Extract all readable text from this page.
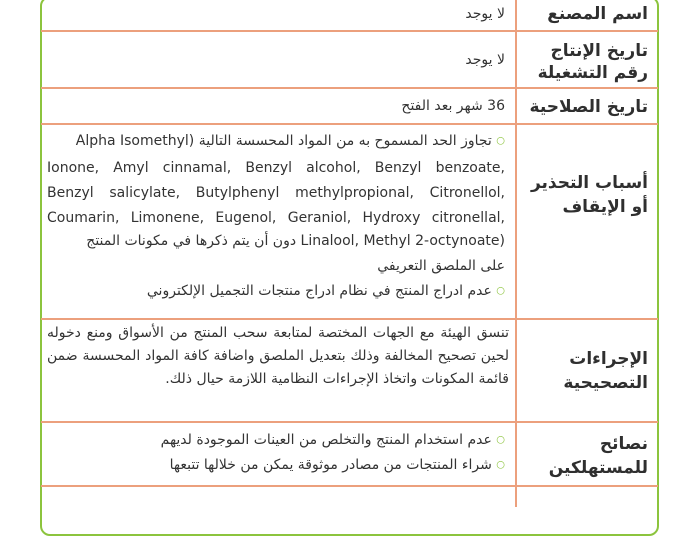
اسم المصنع
لا يوجد
تاريخ الإنتاج
رقم التشغيلة
لا يوجد
تاريخ الصلاحية
36 شهر بعد الفتح
أسباب التحذير
أو الإيقاف
○ تجاوز الحد المسموح به من المواد المحسسة التالية (Alpha Isomethyl
Ionone, Amyl cinnamal, Benzyl alcohol, Benzyl benzoate,
Benzyl salicylate, Butylphenyl methylpropional, Citronellol,
Coumarin, Limonene, Eugenol, Geraniol, Hydroxy citronellal,
(Linalool, Methyl 2-octynoate دون أن يتم ذكرها في مكونات المنتج
على الملصق التعريفي
○ عدم ادراج المنتج في نظام ادراج منتجات التجميل الإلكتروني
الإجراءات
التصحيحية

تنسق الهيئة مع الجهات المختصة لمتابعة سحب المنتج من الأسواق ومنع دخوله لحين تصحيح المخالفة وذلك بتعديل الملصق واضافة كافة المواد المحسسة ضمن قائمة المكونات واتخاذ الإجراءات النظامية اللازمة حيال ذلك.

نصائح
للمستهلكين
○ عدم استخدام المنتج والتخلص من العينات الموجودة لديهم
○ شراء المنتجات من مصادر موثوقة يمكن من خلالها تتبعها
